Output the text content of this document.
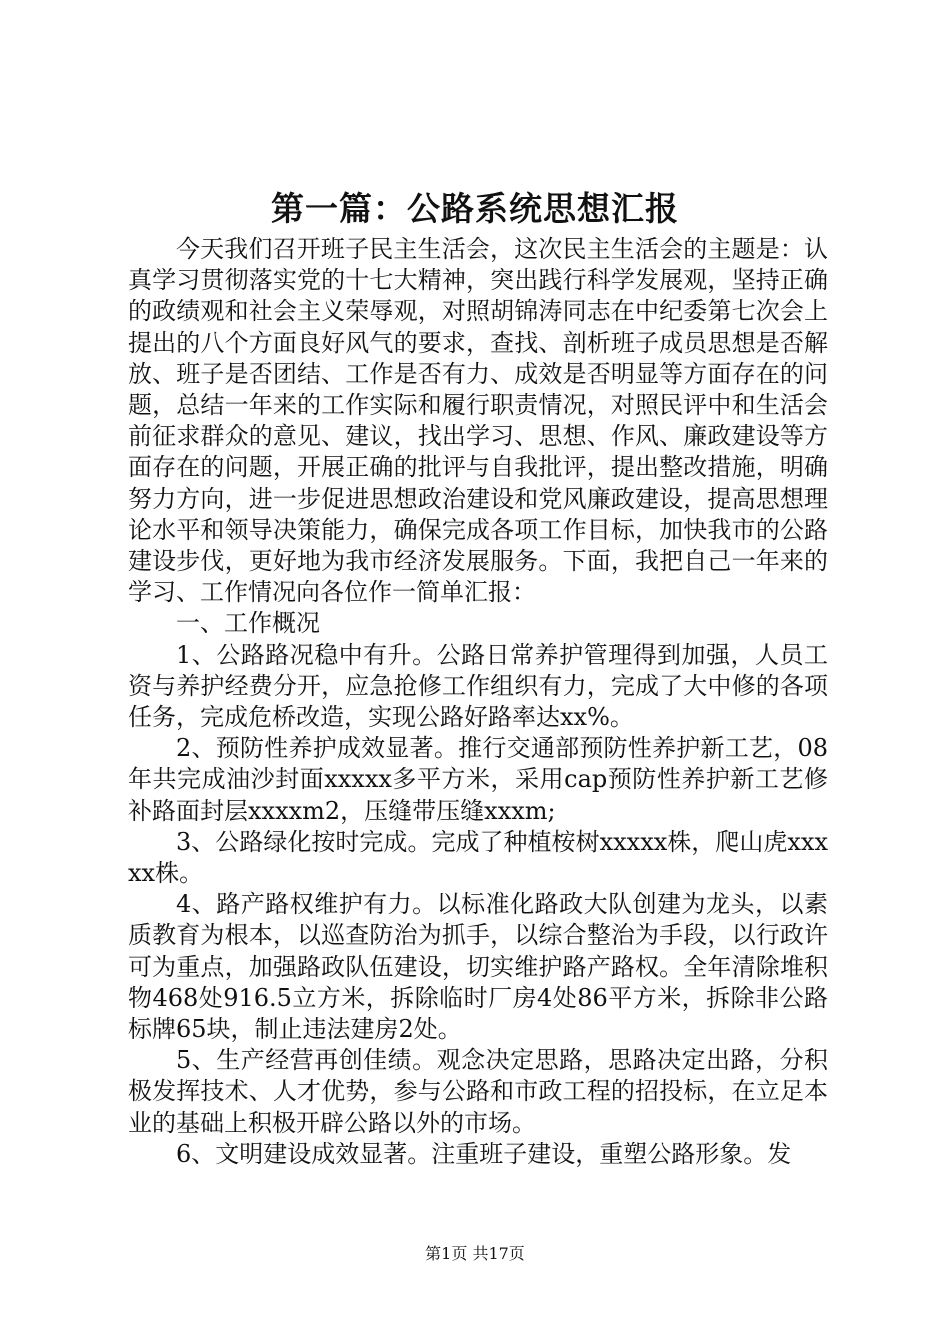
第一篇：公路系统思想汇报

今天我们召开班子民主生活会，这次民主生活会的主题是：认真学习贯彻落实党的十七大精神，突出践行科学发展观，坚持正确的政绩观和社会主义荣辱观，对照胡锦涛同志在中纪委第七次会上提出的八个方面良好风气的要求，查找、剖析班子成员思想是否解放、班子是否团结、工作是否有力、成效是否明显等方面存在的问题，总结一年来的工作实际和履行职责情况，对照民评中和生活会前征求群众的意见、建议，找出学习、思想、作风、廉政建设等方面存在的问题，开展正确的批评与自我批评，提出整改措施，明确努力方向，进一步促进思想政治建设和党风廉政建设，提高思想理论水平和领导决策能力，确保完成各项工作目标，加快我市的公路建设步伐，更好地为我市经济发展服务。下面，我把自己一年来的学习、工作情况向各位作一简单汇报：

一、工作概况

1、公路路况稳中有升。公路日常养护管理得到加强，人员工资与养护经费分开，应急抢修工作组织有力，完成了大中修的各项任务，完成危桥改造，实现公路好路率达xx%。

2、预防性养护成效显著。推行交通部预防性养护新工艺，08年共完成油沙封面xxxxx多平方米，采用cap预防性养护新工艺修补路面封层xxxxm2，压缝带压缝xxxm;

3、公路绿化按时完成。完成了种植桉树xxxxx株，爬山虎xxxxx株。

4、路产路权维护有力。以标准化路政大队创建为龙头，以素质教育为根本，以巡查防治为抓手，以综合整治为手段，以行政许可为重点，加强路政队伍建设，切实维护路产路权。全年清除堆积物468处916.5立方米，拆除临时厂房4处86平方米，拆除非公路标牌65块，制止违法建房2处。

5、生产经营再创佳绩。观念决定思路，思路决定出路，分积极发挥技术、人才优势，参与公路和市政工程的招投标，在立足本业的基础上积极开辟公路以外的市场。

6、文明建设成效显著。注重班子建设，重塑公路形象。发

第1页 共17页
